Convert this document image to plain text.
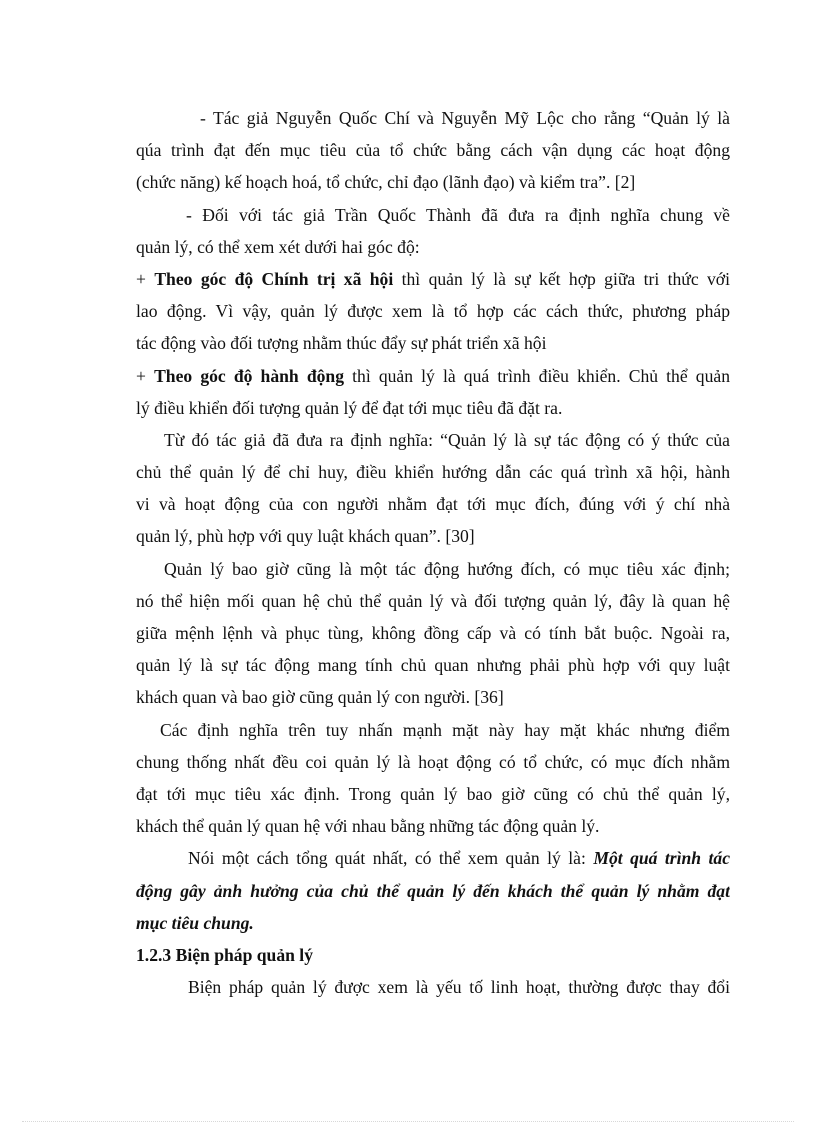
- Tác giả Nguyễn Quốc Chí và Nguyễn Mỹ Lộc cho rằng “Quản lý là
qúa trình đạt đến mục tiêu của tổ chức bằng cách vận dụng các hoạt động
(chức năng) kế hoạch hoá, tổ chức, chỉ đạo (lãnh đạo) và kiểm tra”. [2]
- Đối với tác giả Trần Quốc Thành đã đưa ra định nghĩa chung về
quản lý, có thể xem xét dưới hai góc độ:
+ Theo góc độ Chính trị xã hội thì quản lý là sự kết hợp giữa tri thức với
lao động. Vì vậy, quản lý được xem là tổ hợp các cách thức, phương pháp
tác động vào đối tượng nhằm thúc đẩy sự phát triển xã hội
+ Theo góc độ hành động thì quản lý là quá trình điều khiển. Chủ thể quản
lý điều khiển đối tượng quản lý để đạt tới mục tiêu đã đặt ra.
Từ đó tác giả đã đưa ra định nghĩa: “Quản lý là sự tác động có ý thức của
chủ thể quản lý để chỉ huy, điều khiển hướng dẫn các quá trình xã hội, hành
vi và hoạt động của con người nhằm đạt tới mục đích, đúng với ý chí nhà
quản lý, phù hợp với quy luật khách quan”. [30]
Quản lý bao giờ cũng là một tác động hướng đích, có mục tiêu xác định;
nó thể hiện mối quan hệ chủ thể quản lý và đối tượng quản lý, đây là quan hệ
giữa mệnh lệnh và phục tùng, không đồng cấp và có tính bắt buộc. Ngoài ra,
quản lý là sự tác động mang tính chủ quan nhưng phải phù hợp với quy luật
khách quan và bao giờ cũng quản lý con người. [36]
Các định nghĩa trên tuy nhấn mạnh mặt này hay mặt khác nhưng điểm
chung thống nhất đều coi quản lý là hoạt động có tổ chức, có mục đích nhằm
đạt tới mục tiêu xác định. Trong quản lý bao giờ cũng có chủ thể quản lý,
khách thể quản lý quan hệ với nhau bằng những tác động quản lý.
Nói một cách tổng quát nhất, có thể xem quản lý là: Một quá trình tác
động gây ảnh hưởng của chủ thể quản lý đến khách thể quản lý nhằm đạt
mục tiêu chung.
1.2.3 Biện pháp quản lý
Biện pháp quản lý được xem là yếu tố linh hoạt, thường được thay đổi
